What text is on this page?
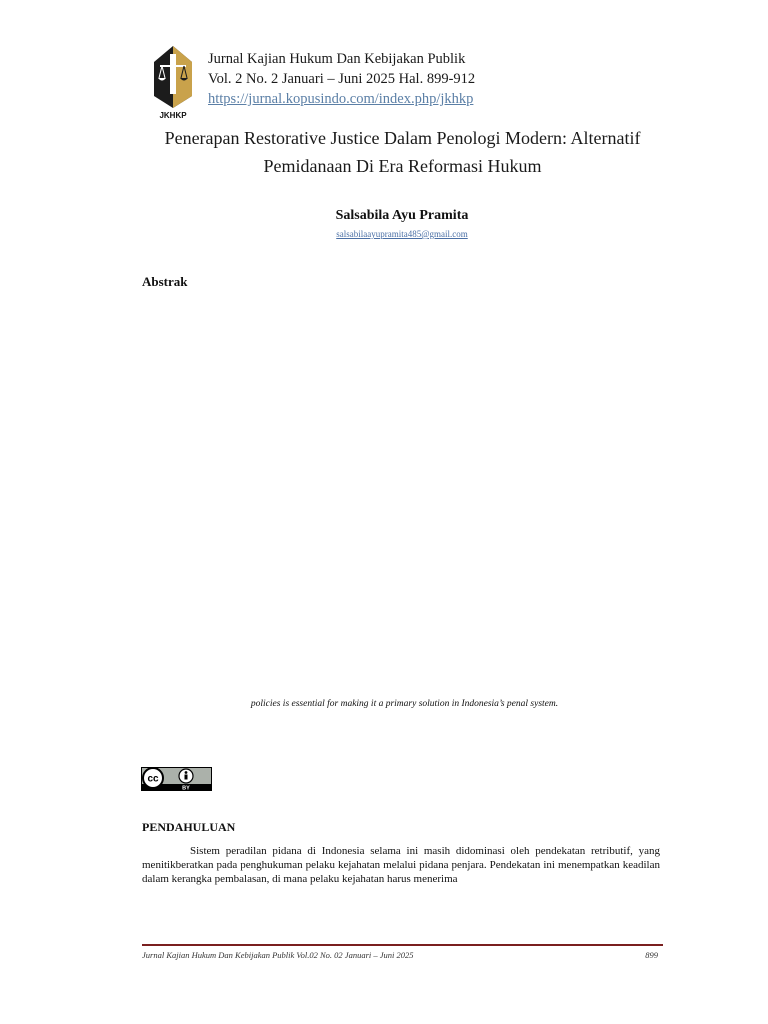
JKHKP
Jurnal Kajian Hukum Dan Kebijakan Publik
Vol. 2 No. 2 Januari – Juni 2025 Hal. 899-912
https://jurnal.kopusindo.com/index.php/jkhkp
Penerapan Restorative Justice Dalam Penologi Modern: Alternatif
Pemidanaan Di Era Reformasi Hukum
Salsabila Ayu Pramita
salsabilaayupramita485@gmail.com
Abstrak
policies is essential for making it a primary solution in Indonesia’s penal system.
cc
BY
PENDAHULUAN
Sistem peradilan pidana di Indonesia selama ini masih didominasi oleh pendekatan retributif, yang menitikberatkan pada penghukuman pelaku kejahatan melalui pidana penjara. Pendekatan ini menempatkan keadilan dalam kerangka pembalasan, di mana pelaku kejahatan harus menerima
Jurnal Kajian Hukum Dan Kebijakan Publik Vol.02 No. 02 Januari – Juni 2025	899
